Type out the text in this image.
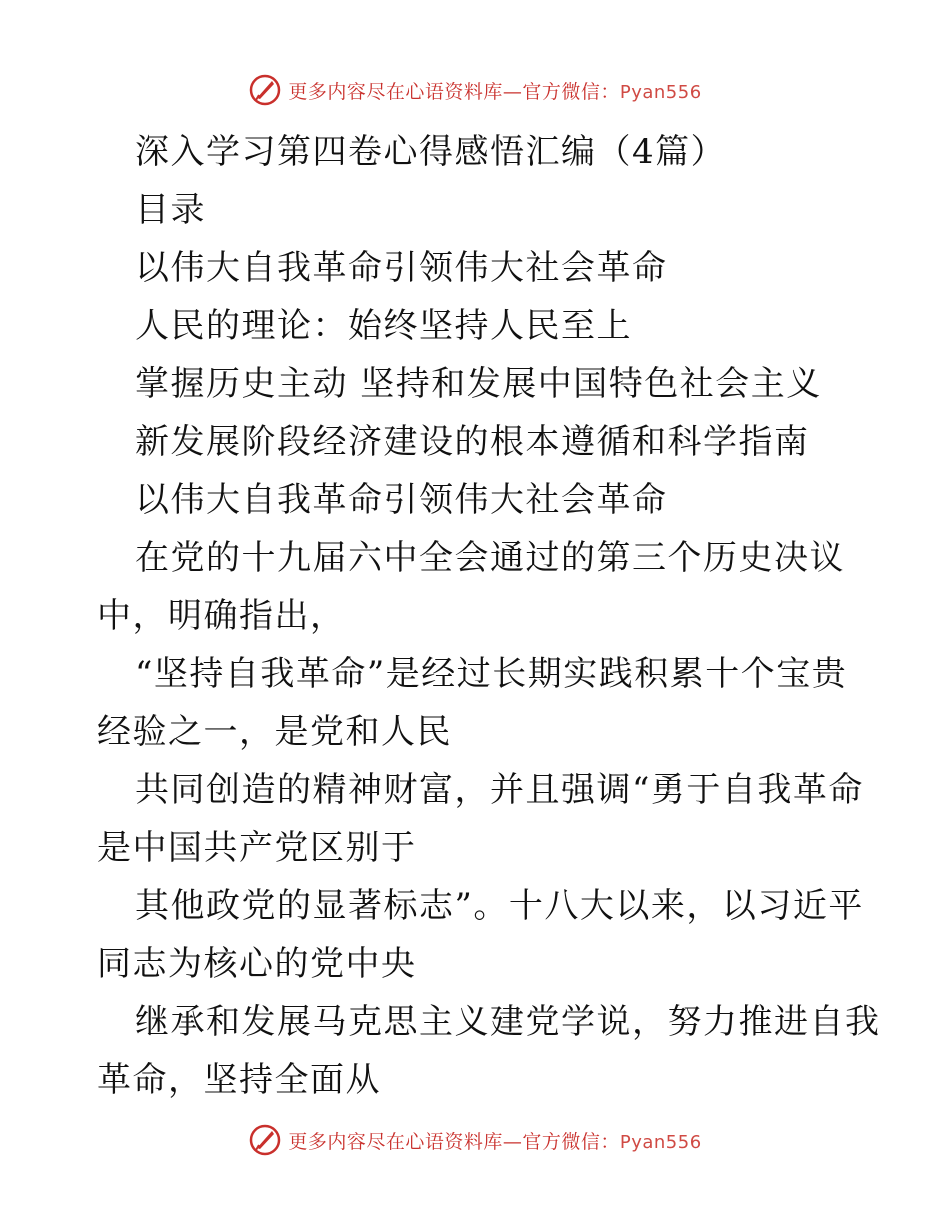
更多内容尽在心语资料库—官方微信：Pyan556
深入学习第四卷心得感悟汇编（4篇）
目录
以伟大自我革命引领伟大社会革命
人民的理论：始终坚持人民至上
掌握历史主动 坚持和发展中国特色社会主义
新发展阶段经济建设的根本遵循和科学指南
以伟大自我革命引领伟大社会革命
在党的十九届六中全会通过的第三个历史决议
中，明确指出，
“坚持自我革命”是经过长期实践积累十个宝贵
经验之一，是党和人民
共同创造的精神财富，并且强调“勇于自我革命
是中国共产党区别于
其他政党的显著标志”。十八大以来，以习近平
同志为核心的党中央
继承和发展马克思主义建党学说，努力推进自我
革命，坚持全面从
更多内容尽在心语资料库—官方微信：Pyan556
